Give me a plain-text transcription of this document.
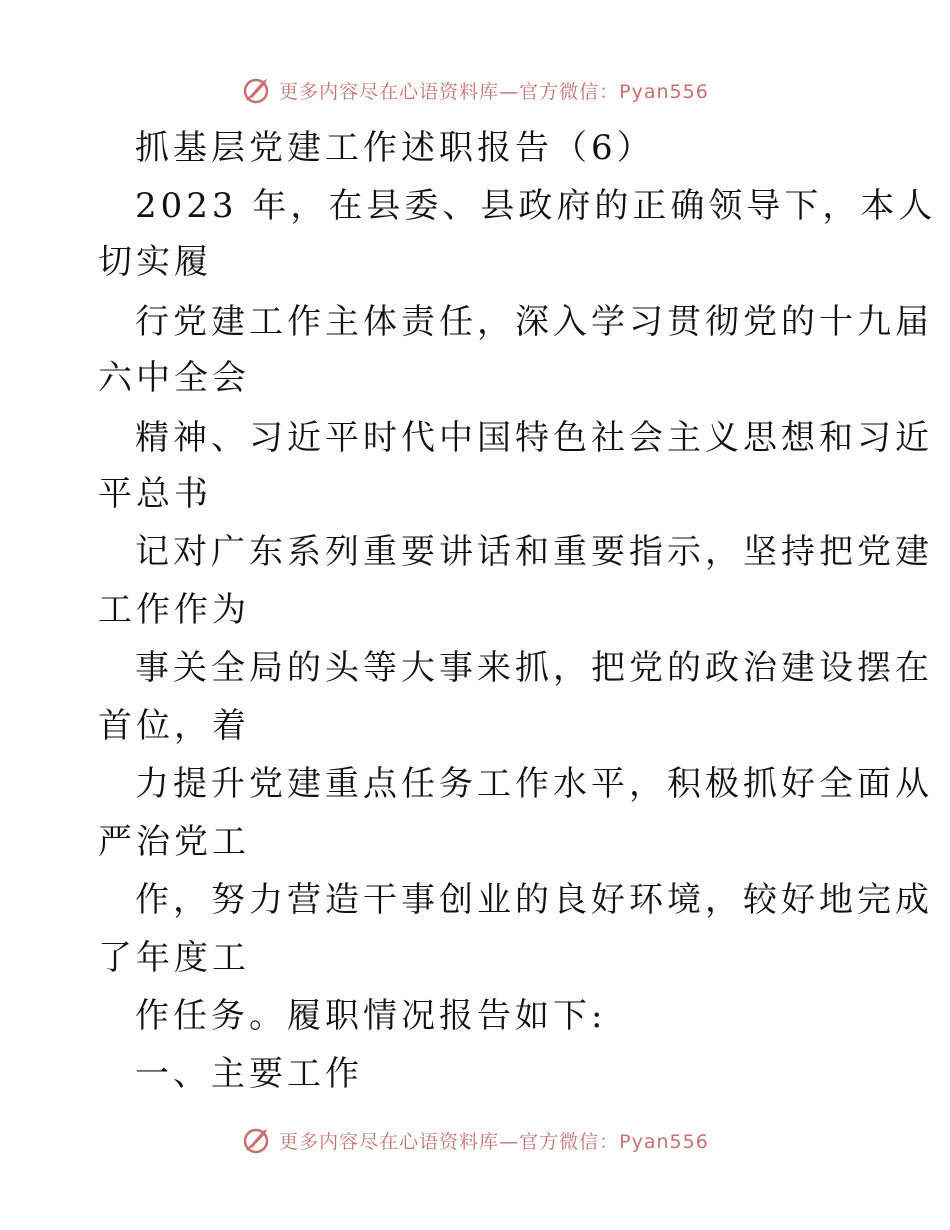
更多内容尽在心语资料库—官方微信：Pyan556
抓基层党建工作述职报告（6）
2023 年，在县委、县政府的正确领导下，本人
切实履
行党建工作主体责任，深入学习贯彻党的十九届
六中全会
精神、习近平时代中国特色社会主义思想和习近
平总书
记对广东系列重要讲话和重要指示，坚持把党建
工作作为
事关全局的头等大事来抓，把党的政治建设摆在
首位，着
力提升党建重点任务工作水平，积极抓好全面从
严治党工
作，努力营造干事创业的良好环境，较好地完成
了年度工
作任务。履职情况报告如下:
一、主要工作
更多内容尽在心语资料库—官方微信：Pyan556
